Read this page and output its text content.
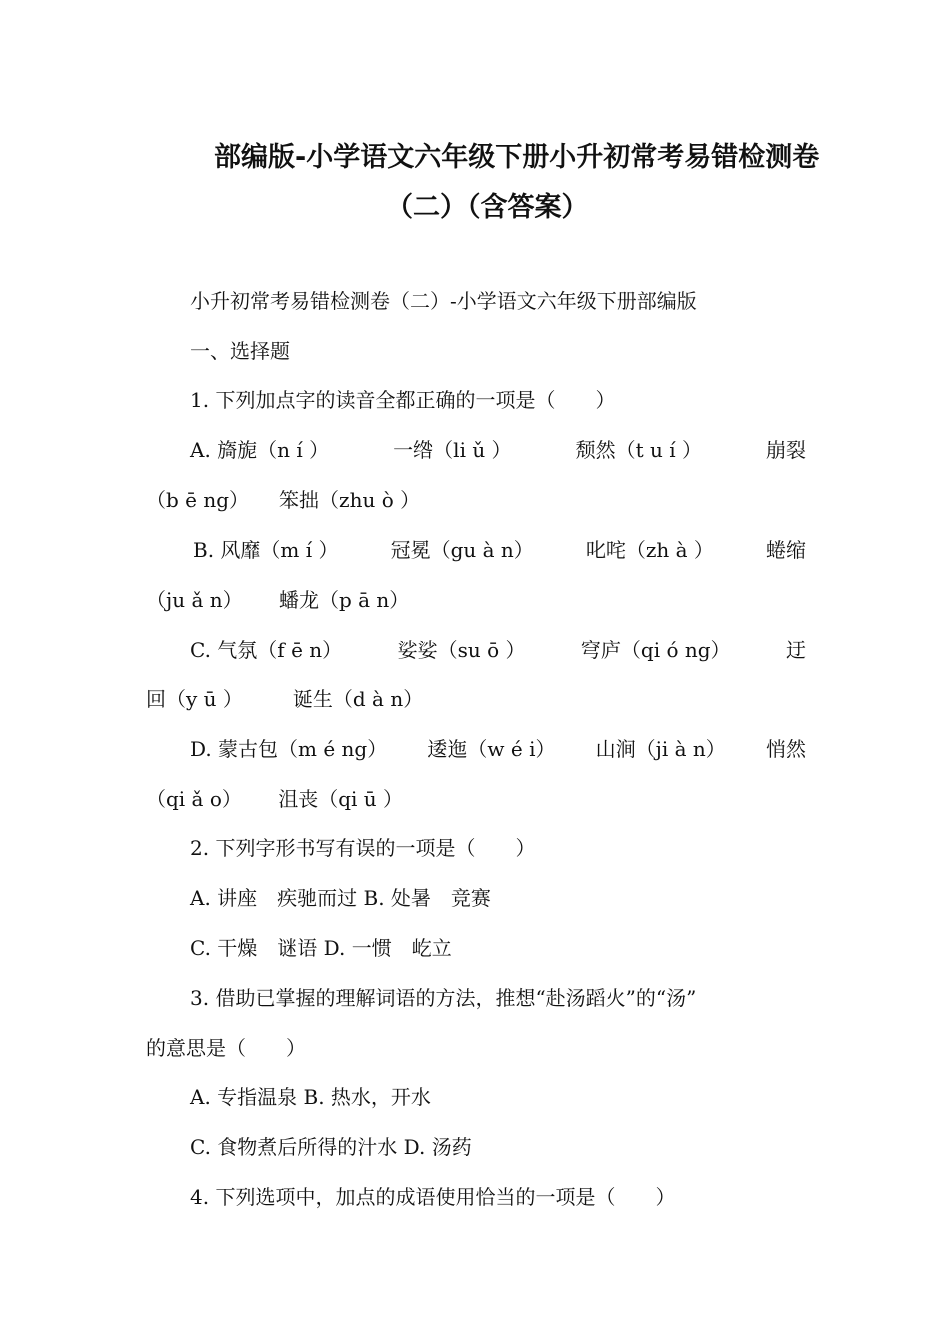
部编版-小学语文六年级下册小升初常考易错检测卷
（二）（含答案）
小升初常考易错检测卷（二）-小学语文六年级下册部编版
一、选择题
1. 下列加点字的读音全都正确的一项是（　　）
A. 旖旎（n í ）	一绺（li ǔ ）	颓然（t u í ）	崩裂
（b ē ng）　　笨拙（zhu ò ）
B. 风靡（m í ）	冠冕（gu à n）	叱咤（zh à ）	蜷缩
（ju ǎ n）　　 蟠龙（p ā n）
C. 气氛（f ē n）	娑娑（su ō ）	穹庐（qi ó ng）	迂
回（y ū ）　　　诞生（d à n）
D. 蒙古包（m é ng） 逶迤（w é i） 山涧（ji à n） 悄然
（qi ǎ o）　　 沮丧（qi ū ）
2. 下列字形书写有误的一项是（　　）
A. 讲座　疾驰而过 B. 处暑　竞赛
C. 干燥　谜语 D. 一惯　屹立
3. 借助已掌握的理解词语的方法，推想“赴汤蹈火”的“汤”
的意思是（　　）
A. 专指温泉 B. 热水，开水
C. 食物煮后所得的汁水 D. 汤药
4. 下列选项中，加点的成语使用恰当的一项是（　　）
